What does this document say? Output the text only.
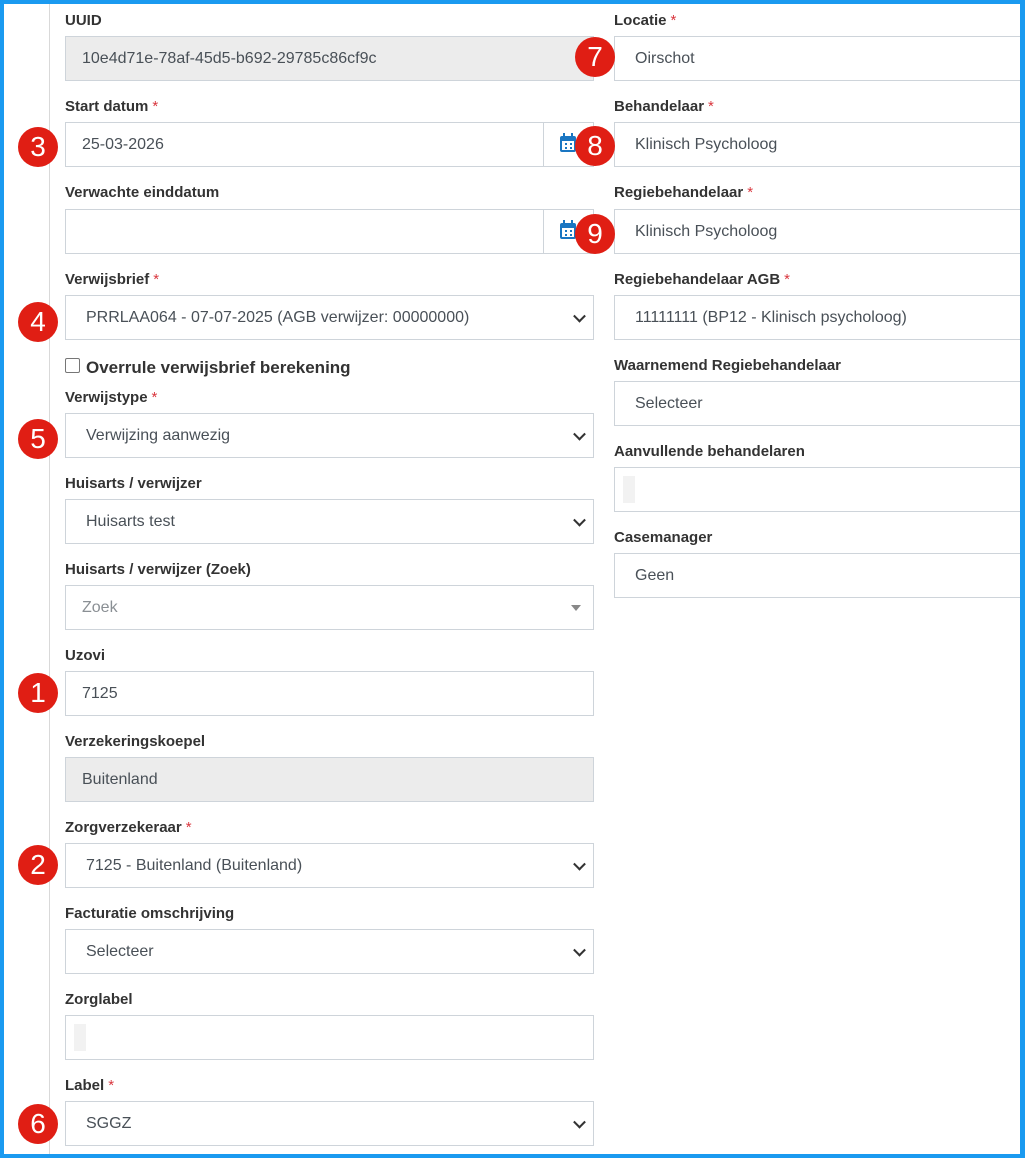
UUID
10e4d71e-78af-45d5-b692-29785c86cf9c
Start datum *
25-03-2026
Verwachte einddatum
Verwijsbrief *
PRRLAA064 - 07-07-2025 (AGB verwijzer: 00000000)
Overrule verwijsbrief berekening
Verwijstype *
Verwijzing aanwezig
Huisarts / verwijzer
Huisarts test
Huisarts / verwijzer (Zoek)
Zoek
Uzovi
7125
Verzekeringskoepel
Buitenland
Zorgverzekeraar *
7125 - Buitenland (Buitenland)
Facturatie omschrijving
Selecteer
Zorglabel
Label *
SGGZ
Locatie *
Oirschot
Behandelaar *
Klinisch Psycholoog
Regiebehandelaar *
Klinisch Psycholoog
Regiebehandelaar AGB *
11111111 (BP12 - Klinisch psycholoog)
Waarnemend Regiebehandelaar
Selecteer
Aanvullende behandelaren
Casemanager
Geen
1
2
3
4
5
6
7
8
9
